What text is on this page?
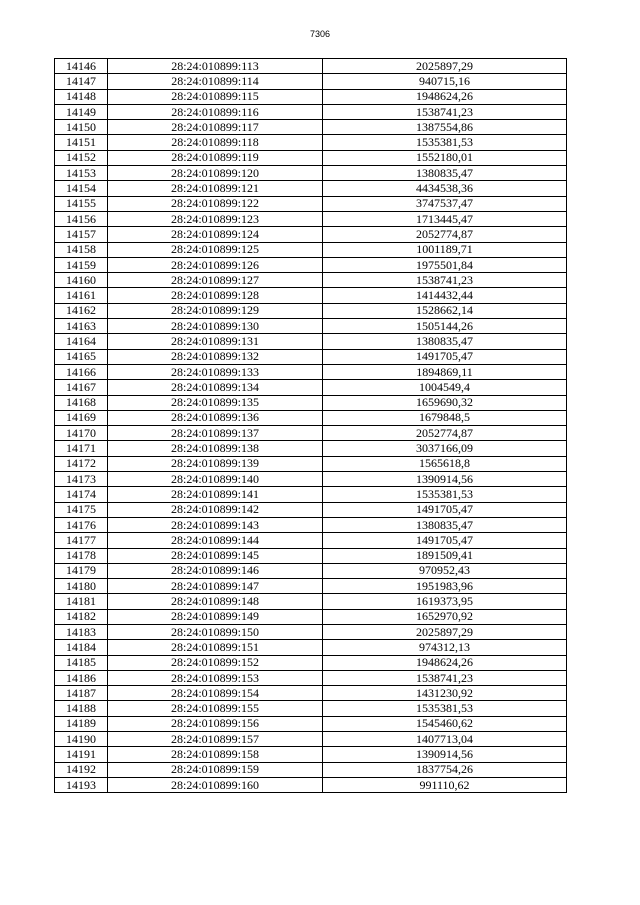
7306
14146	28:24:010899:113	2025897,29
14147	28:24:010899:114	940715,16
14148	28:24:010899:115	1948624,26
14149	28:24:010899:116	1538741,23
14150	28:24:010899:117	1387554,86
14151	28:24:010899:118	1535381,53
14152	28:24:010899:119	1552180,01
14153	28:24:010899:120	1380835,47
14154	28:24:010899:121	4434538,36
14155	28:24:010899:122	3747537,47
14156	28:24:010899:123	1713445,47
14157	28:24:010899:124	2052774,87
14158	28:24:010899:125	1001189,71
14159	28:24:010899:126	1975501,84
14160	28:24:010899:127	1538741,23
14161	28:24:010899:128	1414432,44
14162	28:24:010899:129	1528662,14
14163	28:24:010899:130	1505144,26
14164	28:24:010899:131	1380835,47
14165	28:24:010899:132	1491705,47
14166	28:24:010899:133	1894869,11
14167	28:24:010899:134	1004549,4
14168	28:24:010899:135	1659690,32
14169	28:24:010899:136	1679848,5
14170	28:24:010899:137	2052774,87
14171	28:24:010899:138	3037166,09
14172	28:24:010899:139	1565618,8
14173	28:24:010899:140	1390914,56
14174	28:24:010899:141	1535381,53
14175	28:24:010899:142	1491705,47
14176	28:24:010899:143	1380835,47
14177	28:24:010899:144	1491705,47
14178	28:24:010899:145	1891509,41
14179	28:24:010899:146	970952,43
14180	28:24:010899:147	1951983,96
14181	28:24:010899:148	1619373,95
14182	28:24:010899:149	1652970,92
14183	28:24:010899:150	2025897,29
14184	28:24:010899:151	974312,13
14185	28:24:010899:152	1948624,26
14186	28:24:010899:153	1538741,23
14187	28:24:010899:154	1431230,92
14188	28:24:010899:155	1535381,53
14189	28:24:010899:156	1545460,62
14190	28:24:010899:157	1407713,04
14191	28:24:010899:158	1390914,56
14192	28:24:010899:159	1837754,26
14193	28:24:010899:160	991110,62
